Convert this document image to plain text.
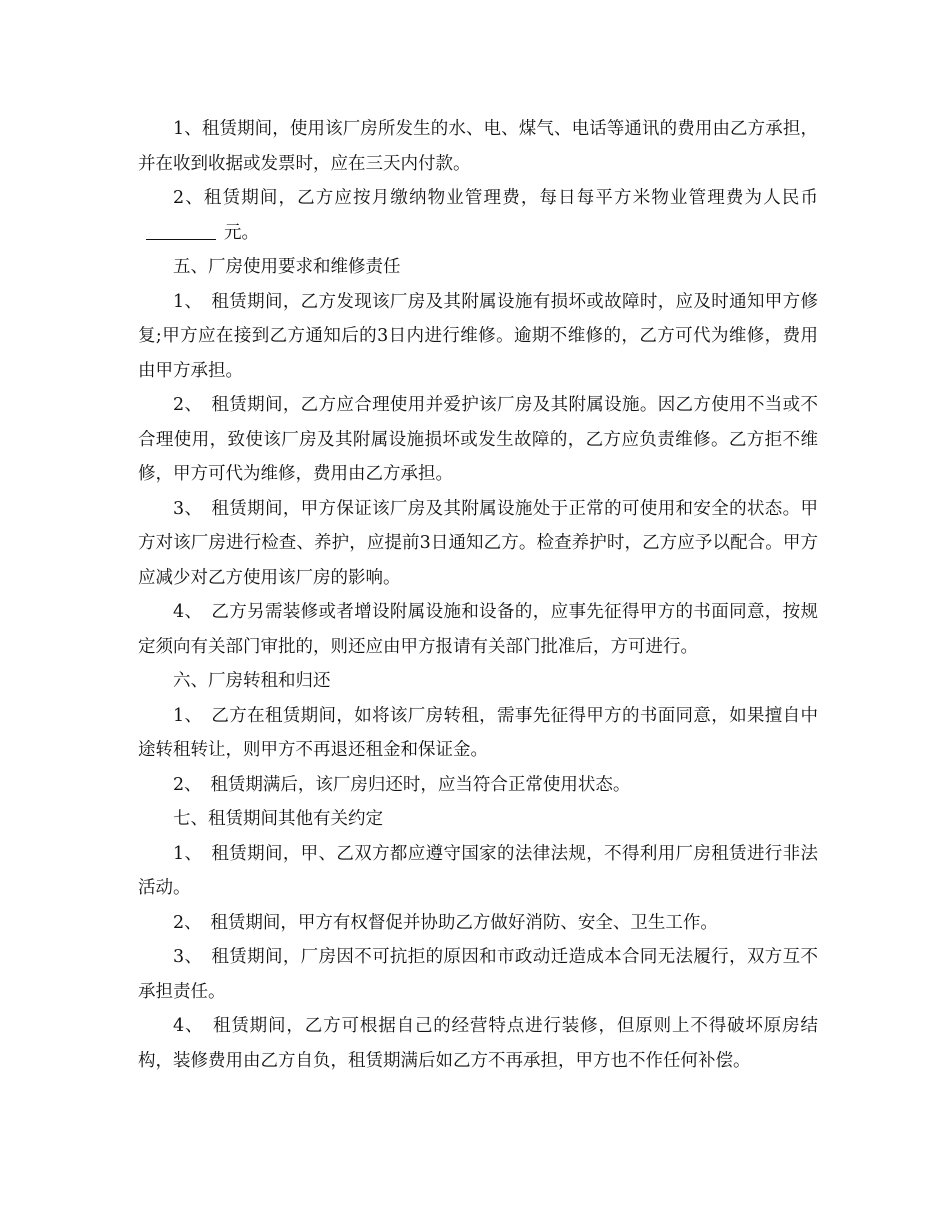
1、租赁期间，使用该厂房所发生的水、电、煤气、电话等通讯的费用由乙方承担，并在收到收据或发票时，应在三天内付款。

2、租赁期间，乙方应按月缴纳物业管理费，每日每平方米物业管理费为人民币元。

五、厂房使用要求和维修责任

1、　租赁期间，乙方发现该厂房及其附属设施有损坏或故障时，应及时通知甲方修复;甲方应在接到乙方通知后的3日内进行维修。逾期不维修的，乙方可代为维修，费用由甲方承担。

2、　租赁期间，乙方应合理使用并爱护该厂房及其附属设施。因乙方使用不当或不合理使用，致使该厂房及其附属设施损坏或发生故障的，乙方应负责维修。乙方拒不维修，甲方可代为维修，费用由乙方承担。

3、　租赁期间，甲方保证该厂房及其附属设施处于正常的可使用和安全的状态。甲方对该厂房进行检查、养护，应提前3日通知乙方。检查养护时，乙方应予以配合。甲方应减少对乙方使用该厂房的影响。

4、　乙方另需装修或者增设附属设施和设备的，应事先征得甲方的书面同意，按规定须向有关部门审批的，则还应由甲方报请有关部门批准后，方可进行。

六、厂房转租和归还

1、　乙方在租赁期间，如将该厂房转租，需事先征得甲方的书面同意，如果擅自中途转租转让，则甲方不再退还租金和保证金。

2、　租赁期满后，该厂房归还时，应当符合正常使用状态。

七、租赁期间其他有关约定

1、　租赁期间，甲、乙双方都应遵守国家的法律法规，不得利用厂房租赁进行非法活动。

2、　租赁期间，甲方有权督促并协助乙方做好消防、安全、卫生工作。

3、　租赁期间，厂房因不可抗拒的原因和市政动迁造成本合同无法履行，双方互不承担责任。

4、　租赁期间，乙方可根据自己的经营特点进行装修，但原则上不得破坏原房结构，装修费用由乙方自负，租赁期满后如乙方不再承担，甲方也不作任何补偿。
